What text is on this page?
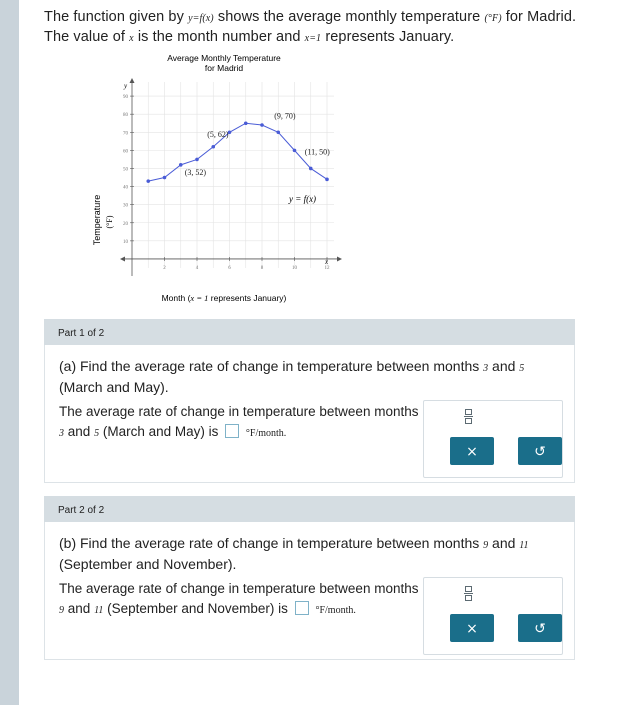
The function given by y=f(x) shows the average monthly temperature (°F) for Madrid. The value of x is the month number and x=1 represents January.
Average Monthly Temperature
for Madrid
2	4	6	8	10	12
10
20
30
40
50
60
70
80
90
(3, 52)
(5, 62)
(9, 70)
(11, 50)
y
x
y = f(x)
Temperature (°F)
Month (x = 1 represents January)
Part 1 of 2
(a) Find the average rate of change in temperature between months 3 and 5 (March and May).
The average rate of change in temperature between months 3 and 5 (March and May) is	°F/month.
×	↺
Part 2 of 2
(b) Find the average rate of change in temperature between months 9 and 11 (September and November).
The average rate of change in temperature between months 9 and 11 (September and November) is	°F/month.
×	↺
